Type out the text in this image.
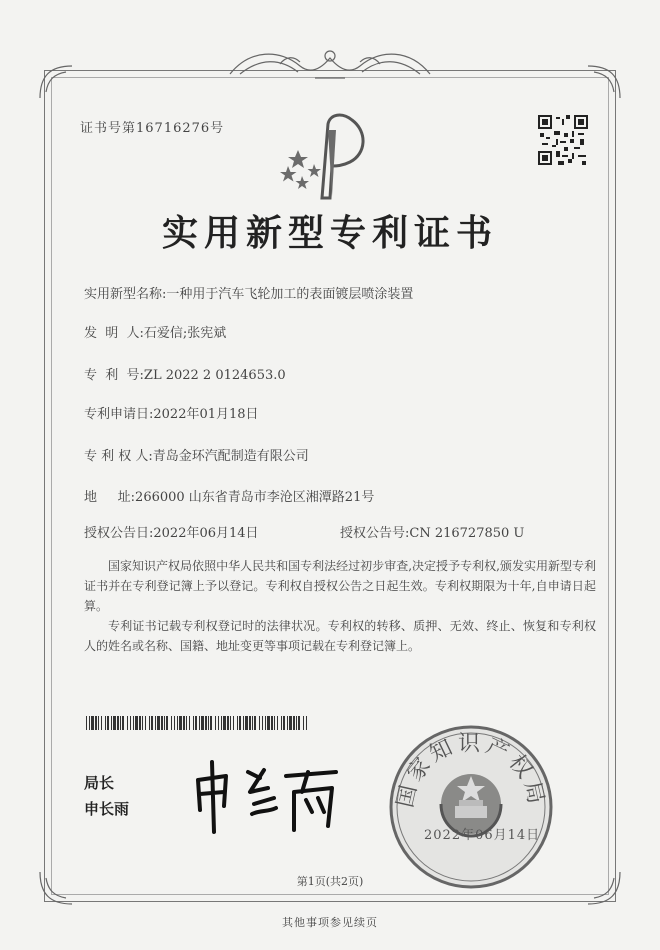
证书号第16716276号
实用新型专利证书
实用新型名称:一种用于汽车飞轮加工的表面镀层喷涂装置
发  明  人:石爱信;张宪斌
专  利  号:ZL 2022 2 0124653.0
专利申请日:2022年01月18日
专 利 权 人:青岛金环汽配制造有限公司
地     址:266000 山东省青岛市李沧区湘潭路21号
授权公告日:2022年06月14日	授权公告号:CN 216727850 U
国家知识产权局依照中华人民共和国专利法经过初步审查,决定授予专利权,颁发实用新型专利证书并在专利登记簿上予以登记。专利权自授权公告之日起生效。专利权期限为十年,自申请日起算。
专利证书记载专利权登记时的法律状况。专利权的转移、质押、无效、终止、恢复和专利权人的姓名或名称、国籍、地址变更等事项记载在专利登记簿上。
局长
申长雨	国家知识产权局
2022年06月14日
第1页(共2页)
其他事项参见续页
